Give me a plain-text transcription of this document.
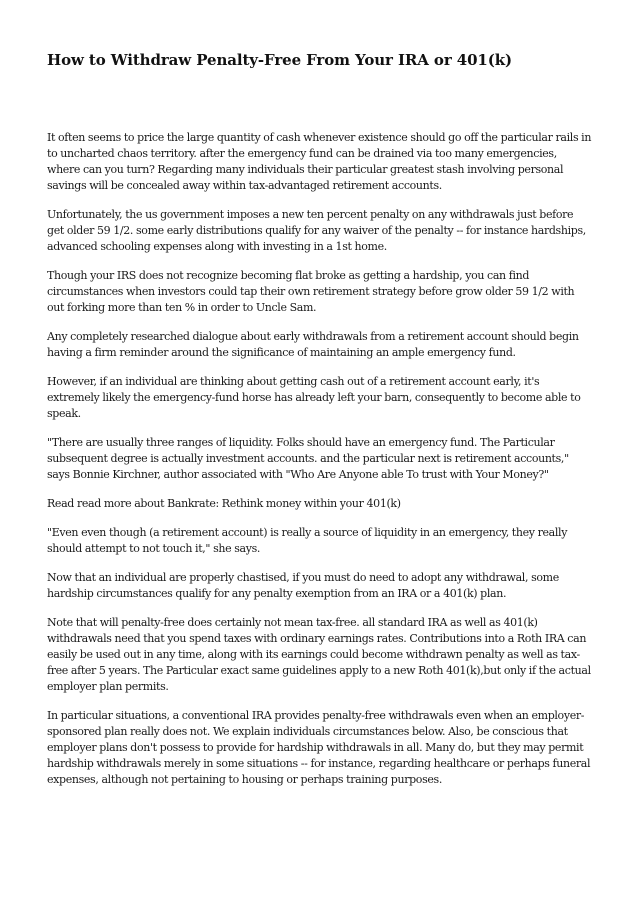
How to Withdraw Penalty-Free From Your IRA or 401(k)

It often seems to price the large quantity of cash whenever existence should go off the particular rails in to uncharted chaos territory. after the emergency fund can be drained via too many emergencies, where can you turn? Regarding many individuals their particular greatest stash involving personal savings will be concealed away within tax-advantaged retirement accounts.

Unfortunately, the us government imposes a new ten percent penalty on any withdrawals just before get older 59 1/2. some early distributions qualify for any waiver of the penalty -- for instance hardships, advanced schooling expenses along with investing in a 1st home.

Though your IRS does not recognize becoming flat broke as getting a hardship, you can find circumstances when investors could tap their own retirement strategy before grow older 59 1/2 with out forking more than ten % in order to Uncle Sam.

Any completely researched dialogue about early withdrawals from a retirement account should begin having a firm reminder around the significance of maintaining an ample emergency fund.

However, if an individual are thinking about getting cash out of a retirement account early, it's extremely likely the emergency-fund horse has already left your barn, consequently to become able to speak.

"There are usually three ranges of liquidity. Folks should have an emergency fund. The Particular subsequent degree is actually investment accounts. and the particular next is retirement accounts," says Bonnie Kirchner, author associated with "Who Are Anyone able To trust with Your Money?"

Read read more about Bankrate: Rethink money within your 401(k)

"Even even though (a retirement account) is really a source of liquidity in an emergency, they really should attempt to not touch it," she says.

Now that an individual are properly chastised, if you must do need to adopt any withdrawal, some hardship circumstances qualify for any penalty exemption from an IRA or a 401(k) plan.

Note that will penalty-free does certainly not mean tax-free. all standard IRA as well as 401(k) withdrawals need that you spend taxes with ordinary earnings rates. Contributions into a Roth IRA can easily be used out in any time, along with its earnings could become withdrawn penalty as well as tax-free after 5 years. The Particular exact same guidelines apply to a new Roth 401(k),but only if the actual employer plan permits.

In particular situations, a conventional IRA provides penalty-free withdrawals even when an employer-sponsored plan really does not. We explain individuals circumstances below. Also, be conscious that employer plans don't possess to provide for hardship withdrawals in all. Many do, but they may permit hardship withdrawals merely in some situations -- for instance, regarding healthcare or perhaps funeral expenses, although not pertaining to housing or perhaps training purposes.
